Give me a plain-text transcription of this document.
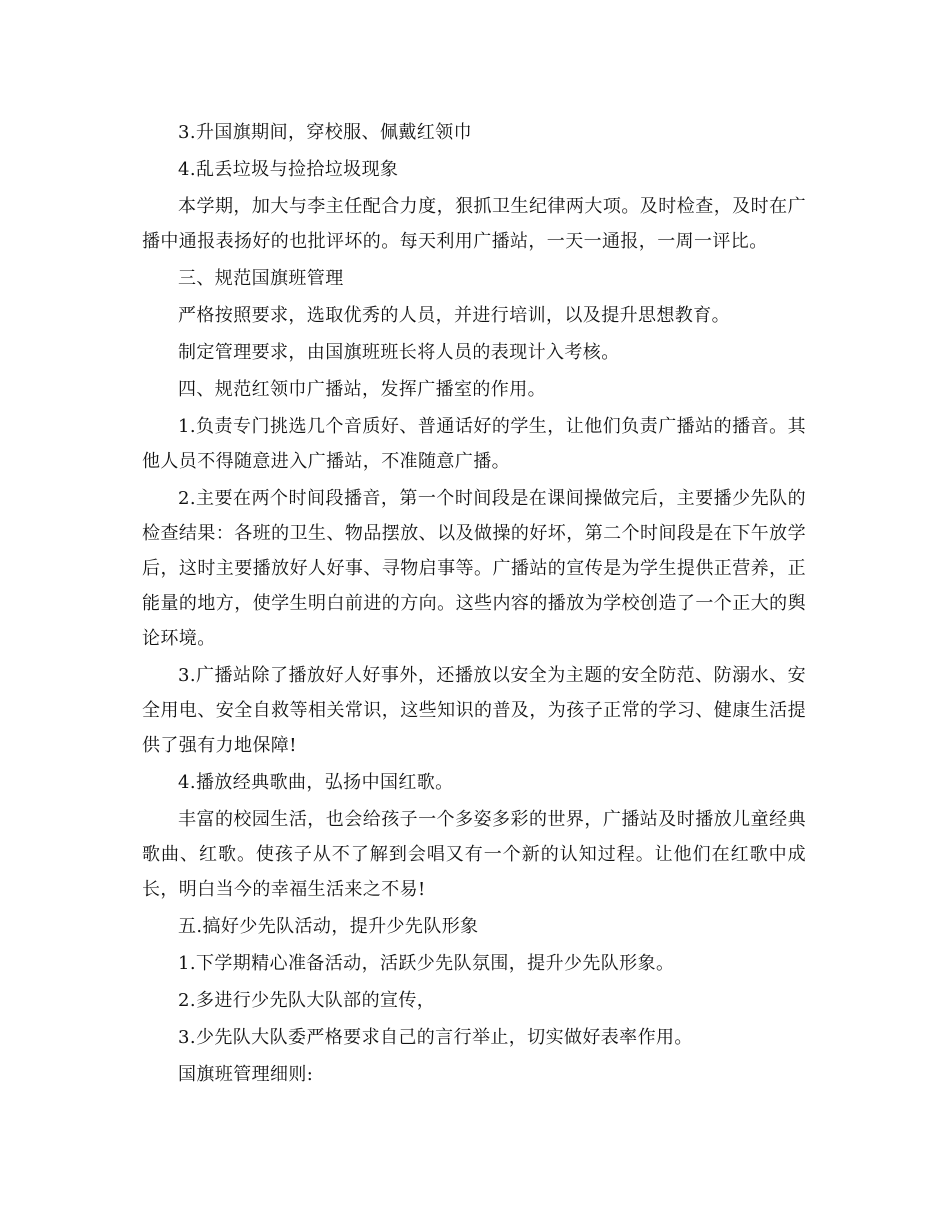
3.升国旗期间，穿校服、佩戴红领巾

4.乱丢垃圾与捡拾垃圾现象

本学期，加大与李主任配合力度，狠抓卫生纪律两大项。及时检查，及时在广播中通报表扬好的也批评坏的。每天利用广播站，一天一通报，一周一评比。

三、规范国旗班管理

严格按照要求，选取优秀的人员，并进行培训，以及提升思想教育。

制定管理要求，由国旗班班长将人员的表现计入考核。

四、规范红领巾广播站，发挥广播室的作用。

1.负责专门挑选几个音质好、普通话好的学生，让他们负责广播站的播音。其他人员不得随意进入广播站，不准随意广播。

2.主要在两个时间段播音，第一个时间段是在课间操做完后，主要播少先队的检查结果：各班的卫生、物品摆放、以及做操的好坏，第二个时间段是在下午放学后，这时主要播放好人好事、寻物启事等。广播站的宣传是为学生提供正营养，正能量的地方，使学生明白前进的方向。这些内容的播放为学校创造了一个正大的舆论环境。

3.广播站除了播放好人好事外，还播放以安全为主题的安全防范、防溺水、安全用电、安全自救等相关常识，这些知识的普及，为孩子正常的学习、健康生活提供了强有力地保障!

4.播放经典歌曲，弘扬中国红歌。

丰富的校园生活，也会给孩子一个多姿多彩的世界，广播站及时播放儿童经典歌曲、红歌。使孩子从不了解到会唱又有一个新的认知过程。让他们在红歌中成长，明白当今的幸福生活来之不易!

五.搞好少先队活动，提升少先队形象

1.下学期精心准备活动，活跃少先队氛围，提升少先队形象。

2.多进行少先队大队部的宣传，

3.少先队大队委严格要求自己的言行举止，切实做好表率作用。

国旗班管理细则:
